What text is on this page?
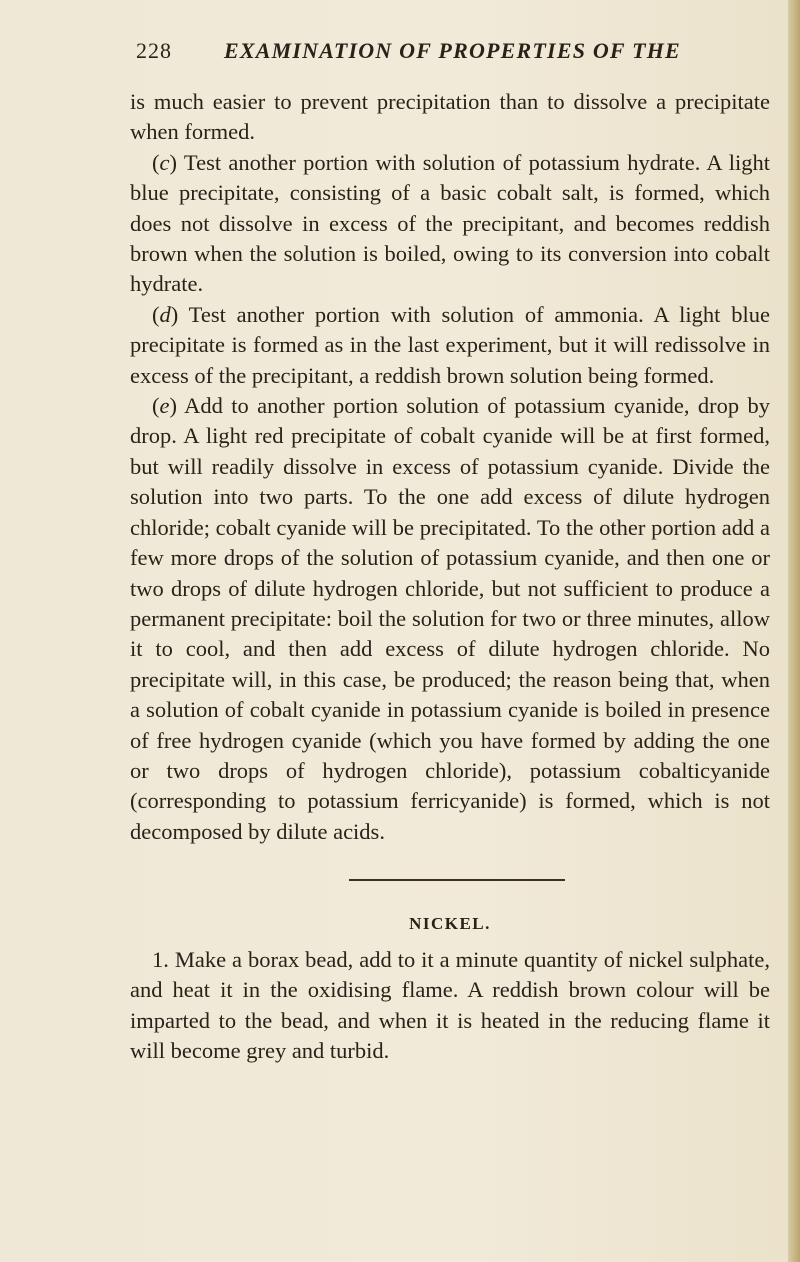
228 EXAMINATION OF PROPERTIES OF THE

is much easier to prevent precipitation than to dissolve a precipitate when formed.

(c) Test another portion with solution of potassium hydrate. A light blue precipitate, consisting of a basic cobalt salt, is formed, which does not dissolve in excess of the precipitant, and becomes reddish brown when the solution is boiled, owing to its conversion into cobalt hydrate.

(d) Test another portion with solution of ammonia. A light blue precipitate is formed as in the last experiment, but it will redissolve in excess of the precipitant, a reddish brown solution being formed.

(e) Add to another portion solution of potassium cyanide, drop by drop. A light red precipitate of cobalt cyanide will be at first formed, but will readily dissolve in excess of potassium cyanide. Divide the solution into two parts. To the one add excess of dilute hydrogen chloride; cobalt cyanide will be precipitated. To the other portion add a few more drops of the solution of potassium cyanide, and then one or two drops of dilute hydrogen chloride, but not sufficient to produce a permanent precipitate: boil the solution for two or three minutes, allow it to cool, and then add excess of dilute hydrogen chloride. No precipitate will, in this case, be produced; the reason being that, when a solution of cobalt cyanide in potassium cyanide is boiled in presence of free hydrogen cyanide (which you have formed by adding the one or two drops of hydrogen chloride), potassium cobalticyanide (corresponding to potassium ferricyanide) is formed, which is not decomposed by dilute acids.

NICKEL.

1. Make a borax bead, add to it a minute quantity of nickel sulphate, and heat it in the oxidising flame. A reddish brown colour will be imparted to the bead, and when it is heated in the reducing flame it will become grey and turbid.
